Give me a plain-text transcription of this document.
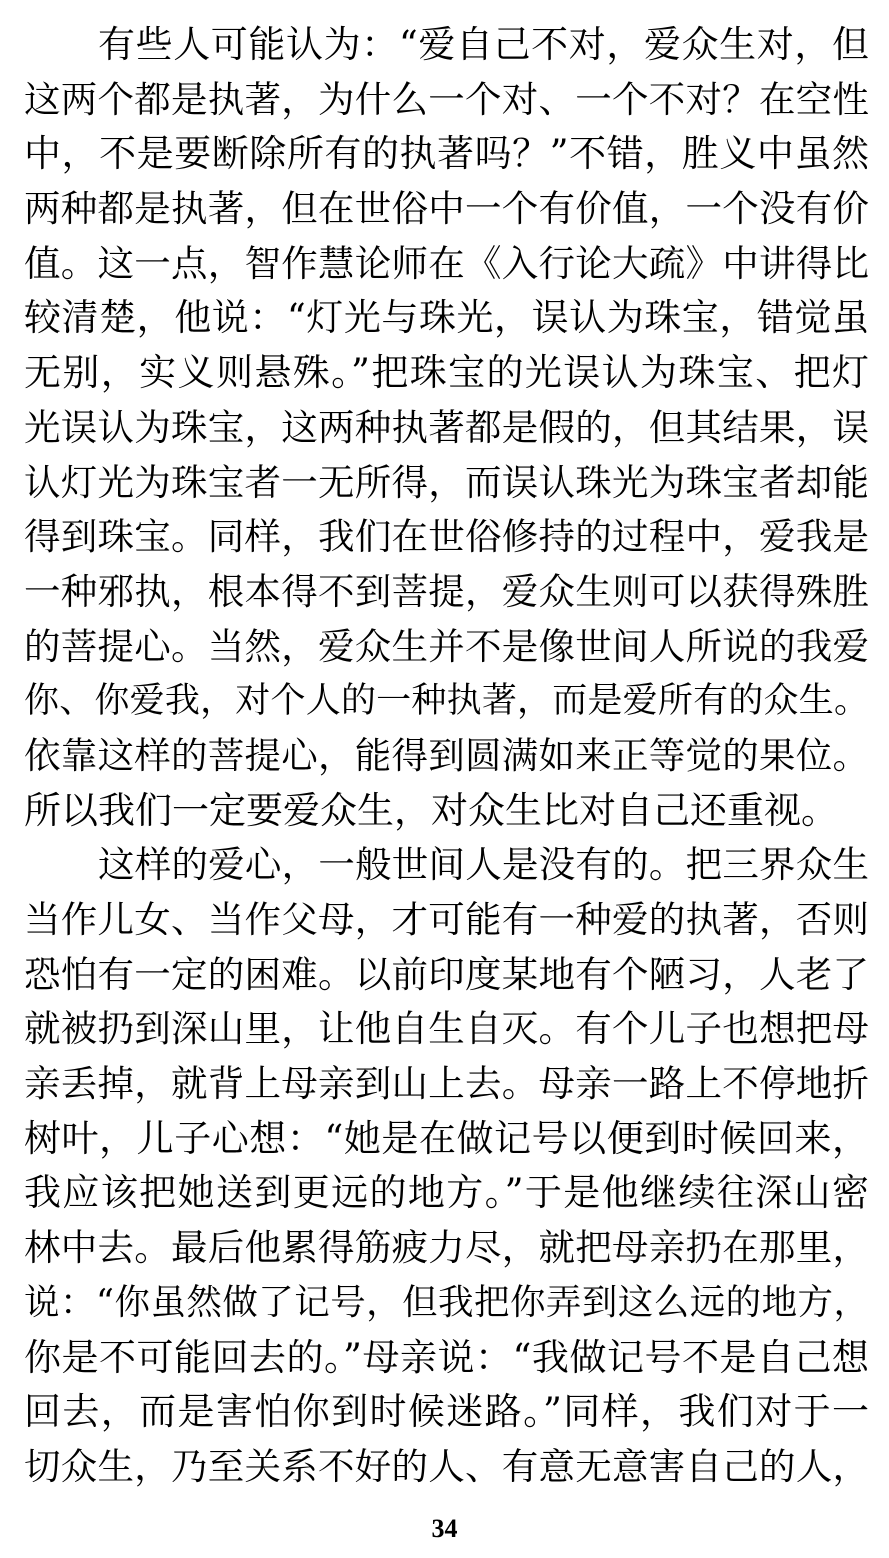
有些人可能认为：“爱自己不对，爱众生对，但
这两个都是执著，为什么一个对、一个不对？在空性
中，不是要断除所有的执著吗？”不错，胜义中虽然
两种都是执著，但在世俗中一个有价值，一个没有价
值。这一点，智作慧论师在《入行论大疏》中讲得比
较清楚，他说：“灯光与珠光，误认为珠宝，错觉虽
无别，实义则悬殊。”把珠宝的光误认为珠宝、把灯
光误认为珠宝，这两种执著都是假的，但其结果，误
认灯光为珠宝者一无所得，而误认珠光为珠宝者却能
得到珠宝。同样，我们在世俗修持的过程中，爱我是
一种邪执，根本得不到菩提，爱众生则可以获得殊胜
的菩提心。当然，爱众生并不是像世间人所说的我爱
你、你爱我，对个人的一种执著，而是爱所有的众生。
依靠这样的菩提心，能得到圆满如来正等觉的果位。
所以我们一定要爱众生，对众生比对自己还重视。
这样的爱心，一般世间人是没有的。把三界众生
当作儿女、当作父母，才可能有一种爱的执著，否则
恐怕有一定的困难。以前印度某地有个陋习，人老了
就被扔到深山里，让他自生自灭。有个儿子也想把母
亲丢掉，就背上母亲到山上去。母亲一路上不停地折
树叶，儿子心想：“她是在做记号以便到时候回来，
我应该把她送到更远的地方。”于是他继续往深山密
林中去。最后他累得筋疲力尽，就把母亲扔在那里，
说：“你虽然做了记号，但我把你弄到这么远的地方，
你是不可能回去的。”母亲说：“我做记号不是自己想
回去，而是害怕你到时候迷路。”同样，我们对于一
切众生，乃至关系不好的人、有意无意害自己的人，
34
